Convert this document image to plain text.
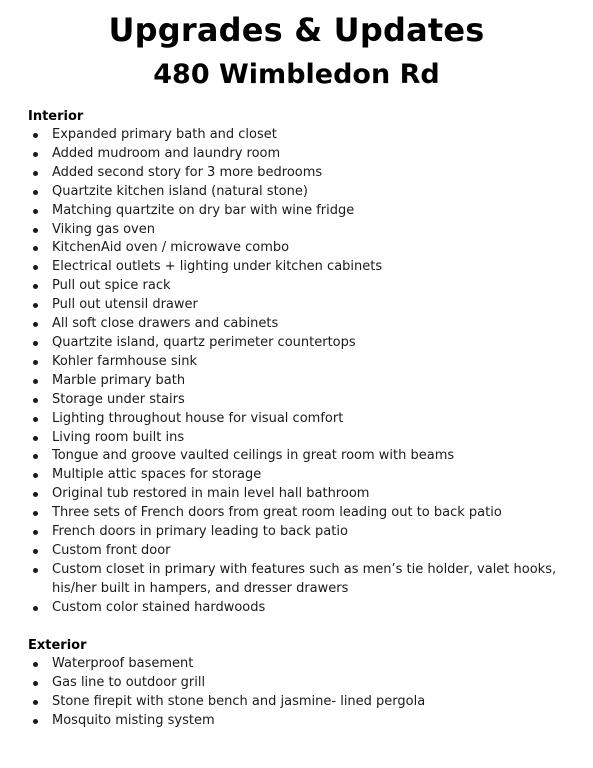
Upgrades & Updates
480 Wimbledon Rd
Interior
Expanded primary bath and closet
Added mudroom and laundry room
Added second story for 3 more bedrooms
Quartzite kitchen island (natural stone)
Matching quartzite on dry bar with wine fridge
Viking gas oven
KitchenAid oven / microwave combo
Electrical outlets + lighting under kitchen cabinets
Pull out spice rack
Pull out utensil drawer
All soft close drawers and cabinets
Quartzite island, quartz perimeter countertops
Kohler farmhouse sink
Marble primary bath
Storage under stairs
Lighting throughout house for visual comfort
Living room built ins
Tongue and groove vaulted ceilings in great room with beams
Multiple attic spaces for storage
Original tub restored in main level hall bathroom
Three sets of French doors from great room leading out to back patio
French doors in primary leading to back patio
Custom front door
Custom closet in primary with features such as men’s tie holder, valet hooks, his/her built in hampers, and dresser drawers
Custom color stained hardwoods
Exterior
Waterproof basement
Gas line to outdoor grill
Stone firepit with stone bench and jasmine- lined pergola
Mosquito misting system
